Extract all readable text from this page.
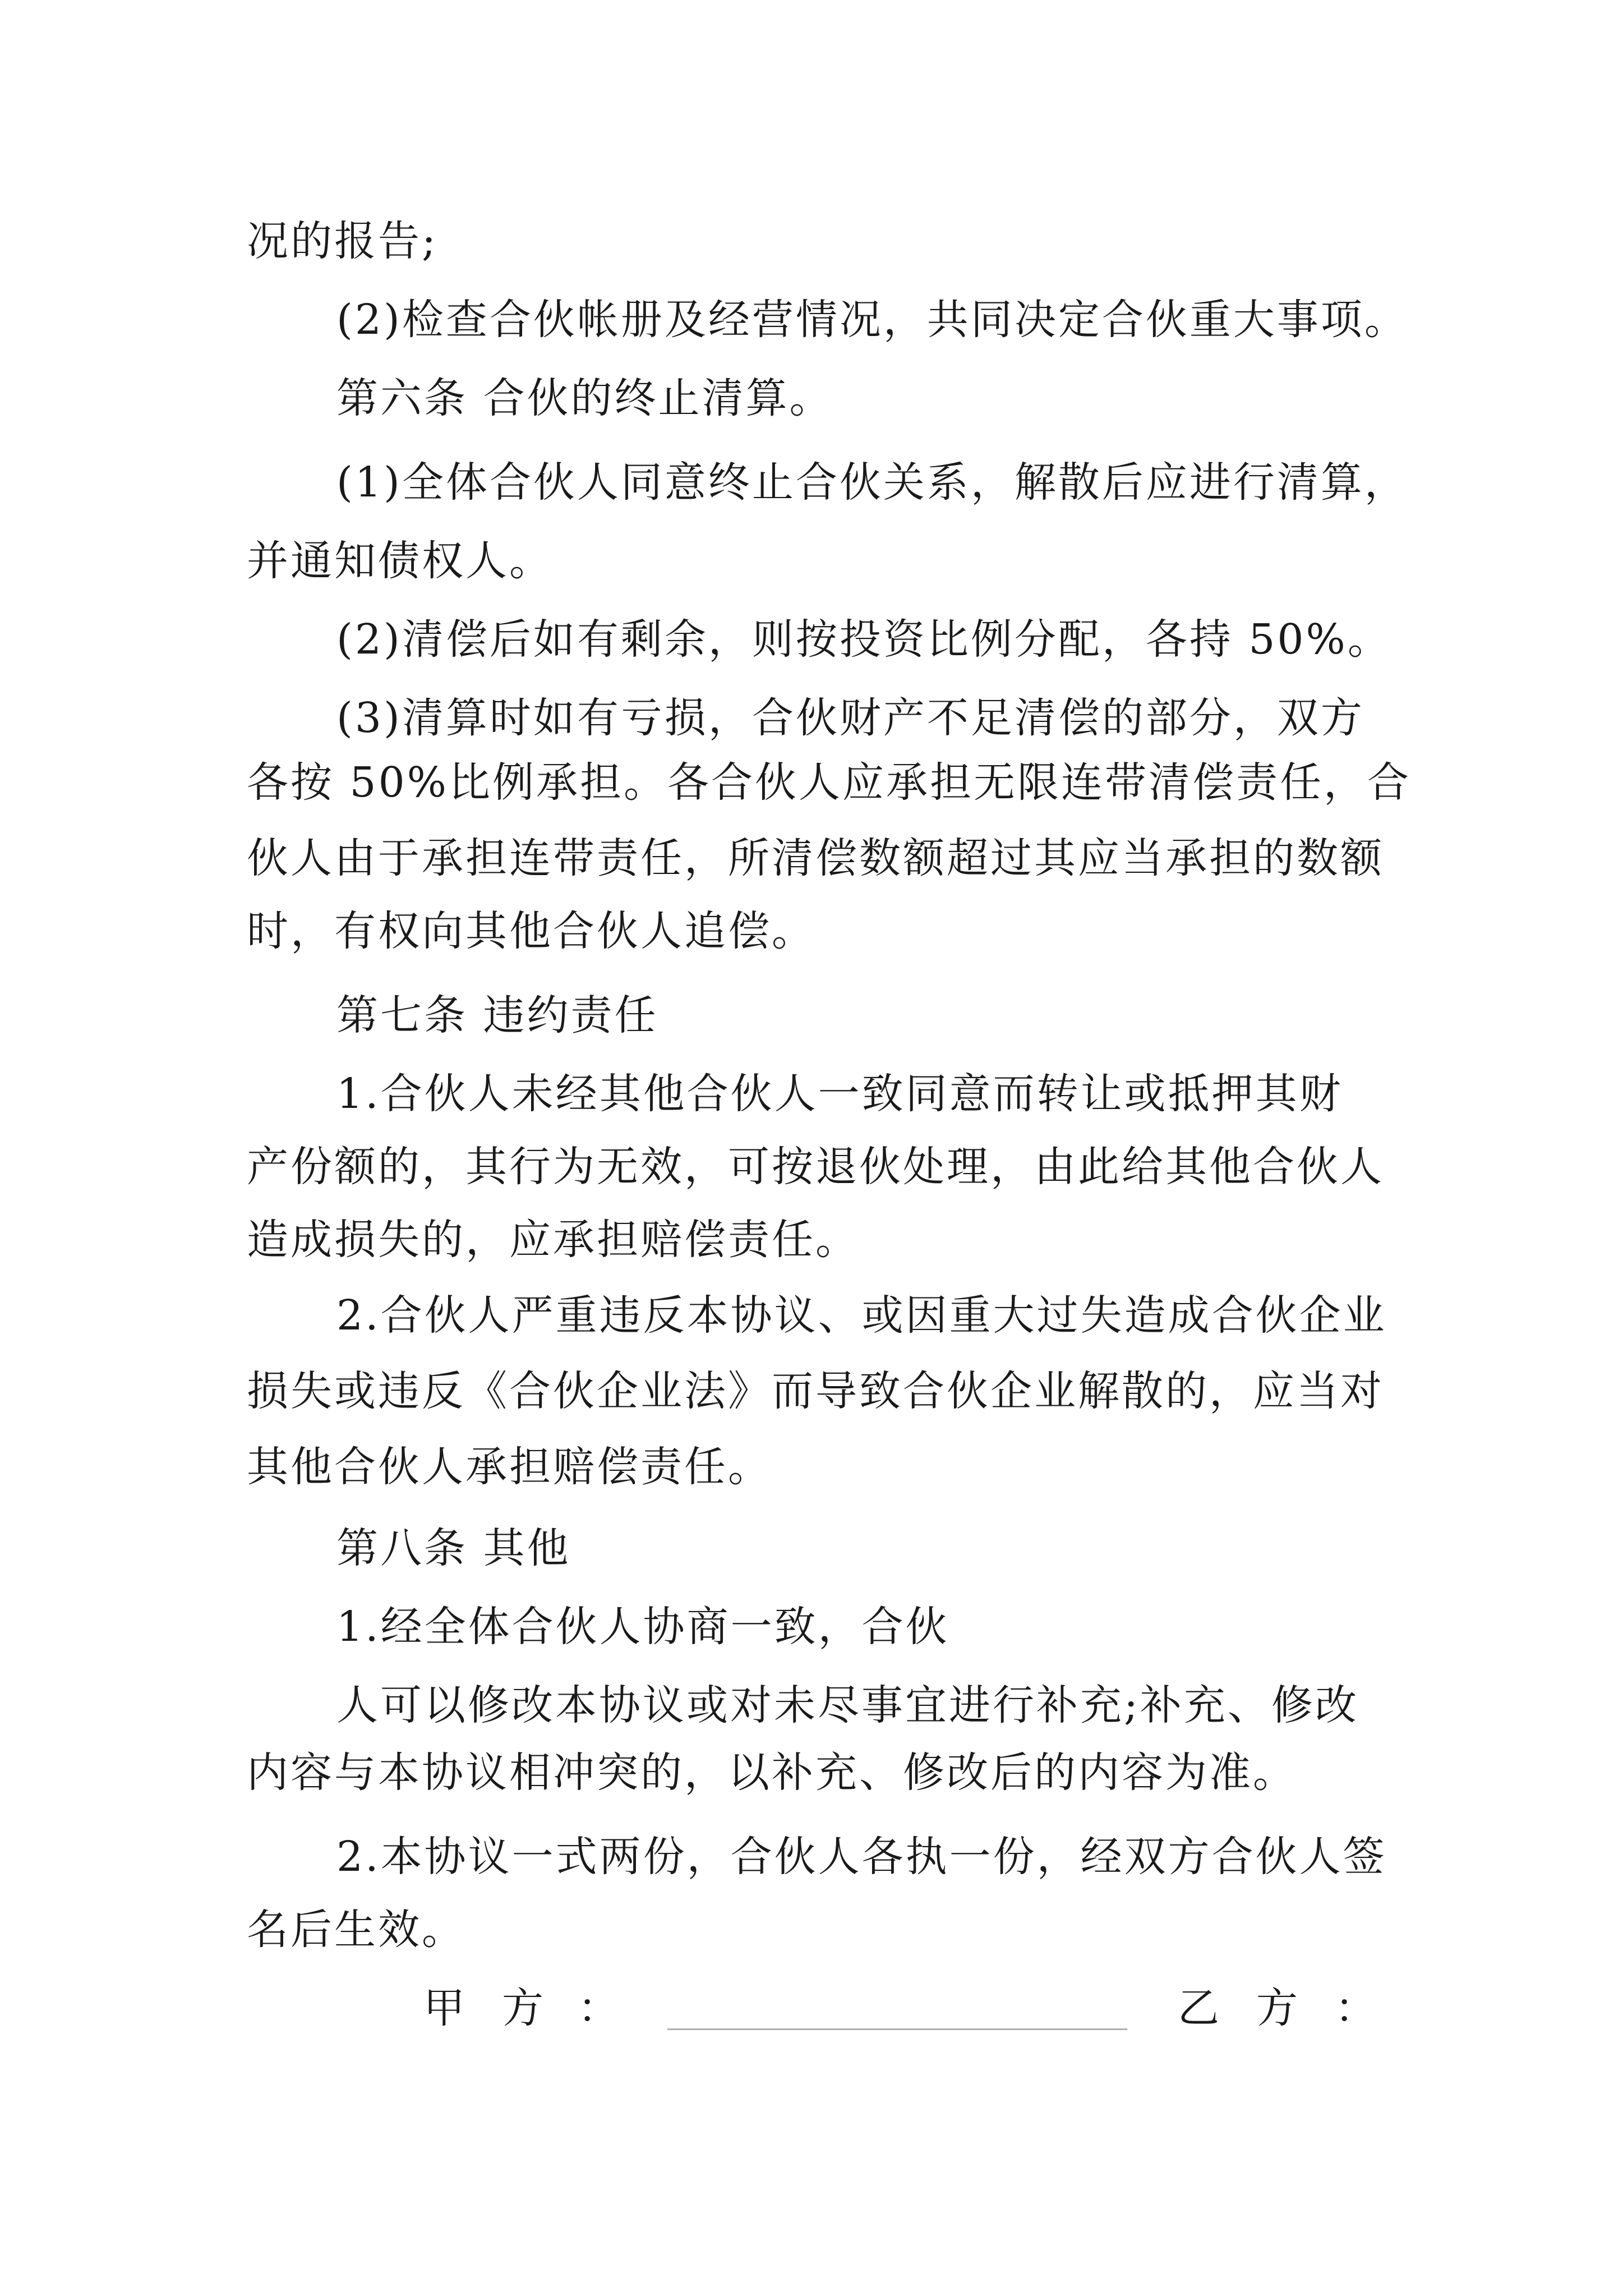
况的报告;
(2)检查合伙帐册及经营情况，共同决定合伙重大事项。
第六条 合伙的终止清算。
(1)全体合伙人同意终止合伙关系，解散后应进行清算，
并通知债权人。
(2)清偿后如有剩余，则按投资比例分配，各持 50%。
(3)清算时如有亏损，合伙财产不足清偿的部分，双方
各按 50%比例承担。各合伙人应承担无限连带清偿责任，合
伙人由于承担连带责任，所清偿数额超过其应当承担的数额
时，有权向其他合伙人追偿。
第七条 违约责任
1.合伙人未经其他合伙人一致同意而转让或抵押其财
产份额的，其行为无效，可按退伙处理，由此给其他合伙人
造成损失的，应承担赔偿责任。
2.合伙人严重违反本协议、或因重大过失造成合伙企业
损失或违反《合伙企业法》而导致合伙企业解散的，应当对
其他合伙人承担赔偿责任。
第八条 其他
1.经全体合伙人协商一致，合伙
人可以修改本协议或对未尽事宜进行补充;补充、修改
内容与本协议相冲突的，以补充、修改后的内容为准。
2.本协议一式两份，合伙人各执一份，经双方合伙人签
名后生效。
甲 方 ：	乙 方 ：
